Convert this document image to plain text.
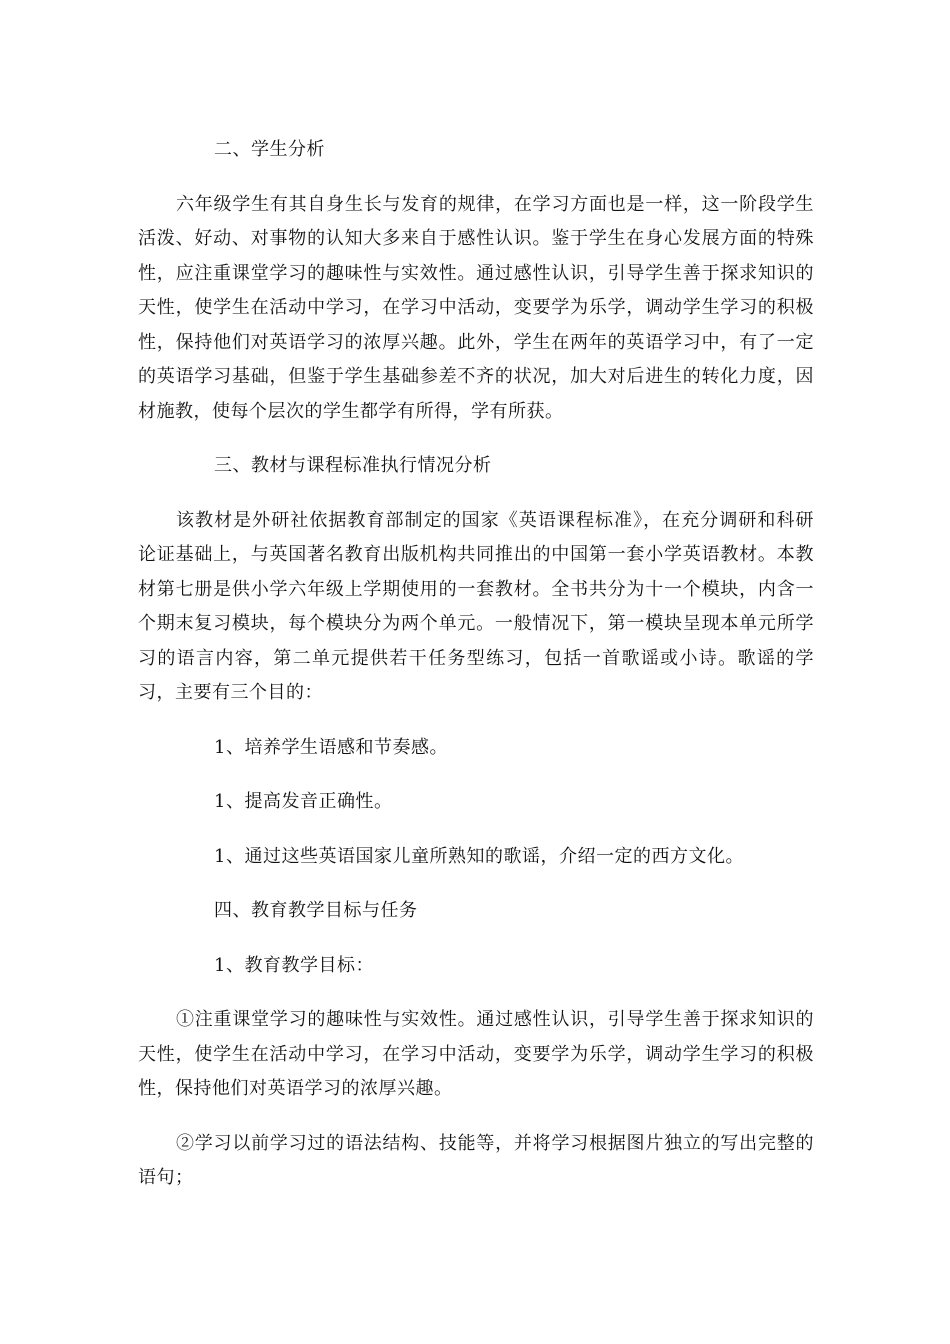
二、学生分析

六年级学生有其自身生长与发育的规律，在学习方面也是一样，这一阶段学生活泼、好动、对事物的认知大多来自于感性认识。鉴于学生在身心发展方面的特殊性，应注重课堂学习的趣味性与实效性。通过感性认识，引导学生善于探求知识的天性，使学生在活动中学习，在学习中活动，变要学为乐学，调动学生学习的积极性，保持他们对英语学习的浓厚兴趣。此外，学生在两年的英语学习中，有了一定的英语学习基础，但鉴于学生基础参差不齐的状况，加大对后进生的转化力度，因材施教，使每个层次的学生都学有所得，学有所获。

三、教材与课程标准执行情况分析

该教材是外研社依据教育部制定的国家《英语课程标准》，在充分调研和科研论证基础上，与英国著名教育出版机构共同推出的中国第一套小学英语教材。本教材第七册是供小学六年级上学期使用的一套教材。全书共分为十一个模块，内含一个期末复习模块，每个模块分为两个单元。一般情况下，第一模块呈现本单元所学习的语言内容，第二单元提供若干任务型练习，包括一首歌谣或小诗。歌谣的学习，主要有三个目的：

1、培养学生语感和节奏感。

1、提高发音正确性。

1、通过这些英语国家儿童所熟知的歌谣，介绍一定的西方文化。

四、教育教学目标与任务

1、教育教学目标：

①注重课堂学习的趣味性与实效性。通过感性认识，引导学生善于探求知识的天性，使学生在活动中学习，在学习中活动，变要学为乐学，调动学生学习的积极性，保持他们对英语学习的浓厚兴趣。

②学习以前学习过的语法结构、技能等，并将学习根据图片独立的写出完整的语句；
